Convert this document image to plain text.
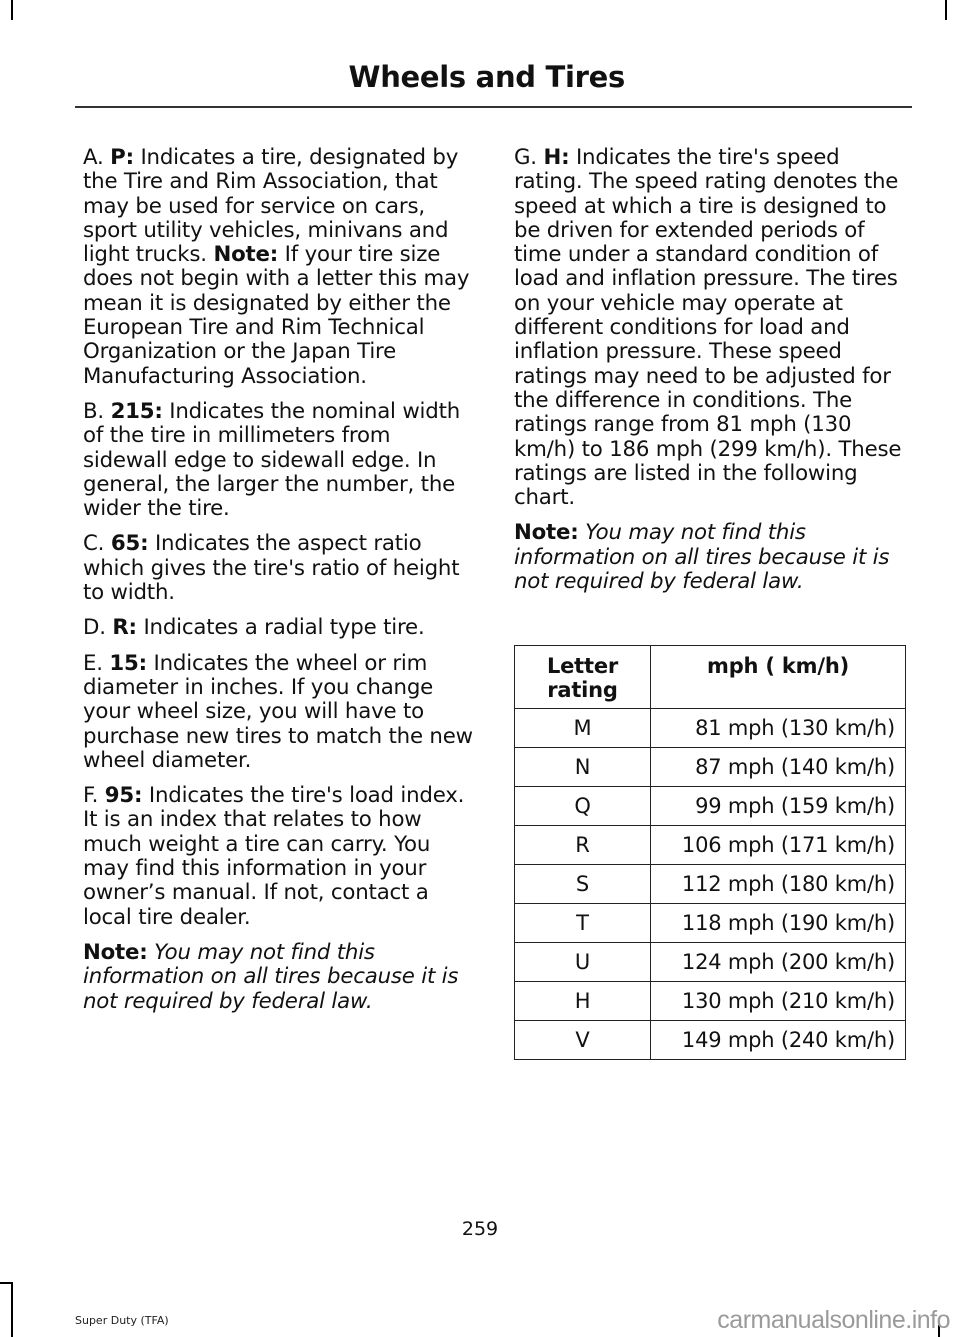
Wheels and Tires

A. P: Indicates a tire, designated by the Tire and Rim Association, that may be used for service on cars, sport utility vehicles, minivans and light trucks. Note: If your tire size does not begin with a letter this may mean it is designated by either the European Tire and Rim Technical Organization or the Japan Tire Manufacturing Association.

B. 215: Indicates the nominal width of the tire in millimeters from sidewall edge to sidewall edge. In general, the larger the number, the wider the tire.

C. 65: Indicates the aspect ratio which gives the tire's ratio of height to width.

D. R: Indicates a radial type tire.

E. 15: Indicates the wheel or rim diameter in inches. If you change your wheel size, you will have to purchase new tires to match the new wheel diameter.

F. 95: Indicates the tire's load index. It is an index that relates to how much weight a tire can carry. You may find this information in your owner’s manual. If not, contact a local tire dealer.

Note: You may not find this information on all tires because it is not required by federal law.

G. H: Indicates the tire's speed rating. The speed rating denotes the speed at which a tire is designed to be driven for extended periods of time under a standard condition of load and inflation pressure. The tires on your vehicle may operate at different conditions for load and inflation pressure. These speed ratings may need to be adjusted for the difference in conditions. The ratings range from 81 mph (130 km/h) to 186 mph (299 km/h). These ratings are listed in the following chart.

Note: You may not find this information on all tires because it is not required by federal law.

Letter rating	mph ( km/h)

M	81 mph (130 km/h)
N	87 mph (140 km/h)
Q	99 mph (159 km/h)
R	106 mph (171 km/h)
S	112 mph (180 km/h)
T	118 mph (190 km/h)
U	124 mph (200 km/h)
H	130 mph (210 km/h)
V	149 mph (240 km/h)
259
Super Duty (TFA)	carmanualsonline.info
